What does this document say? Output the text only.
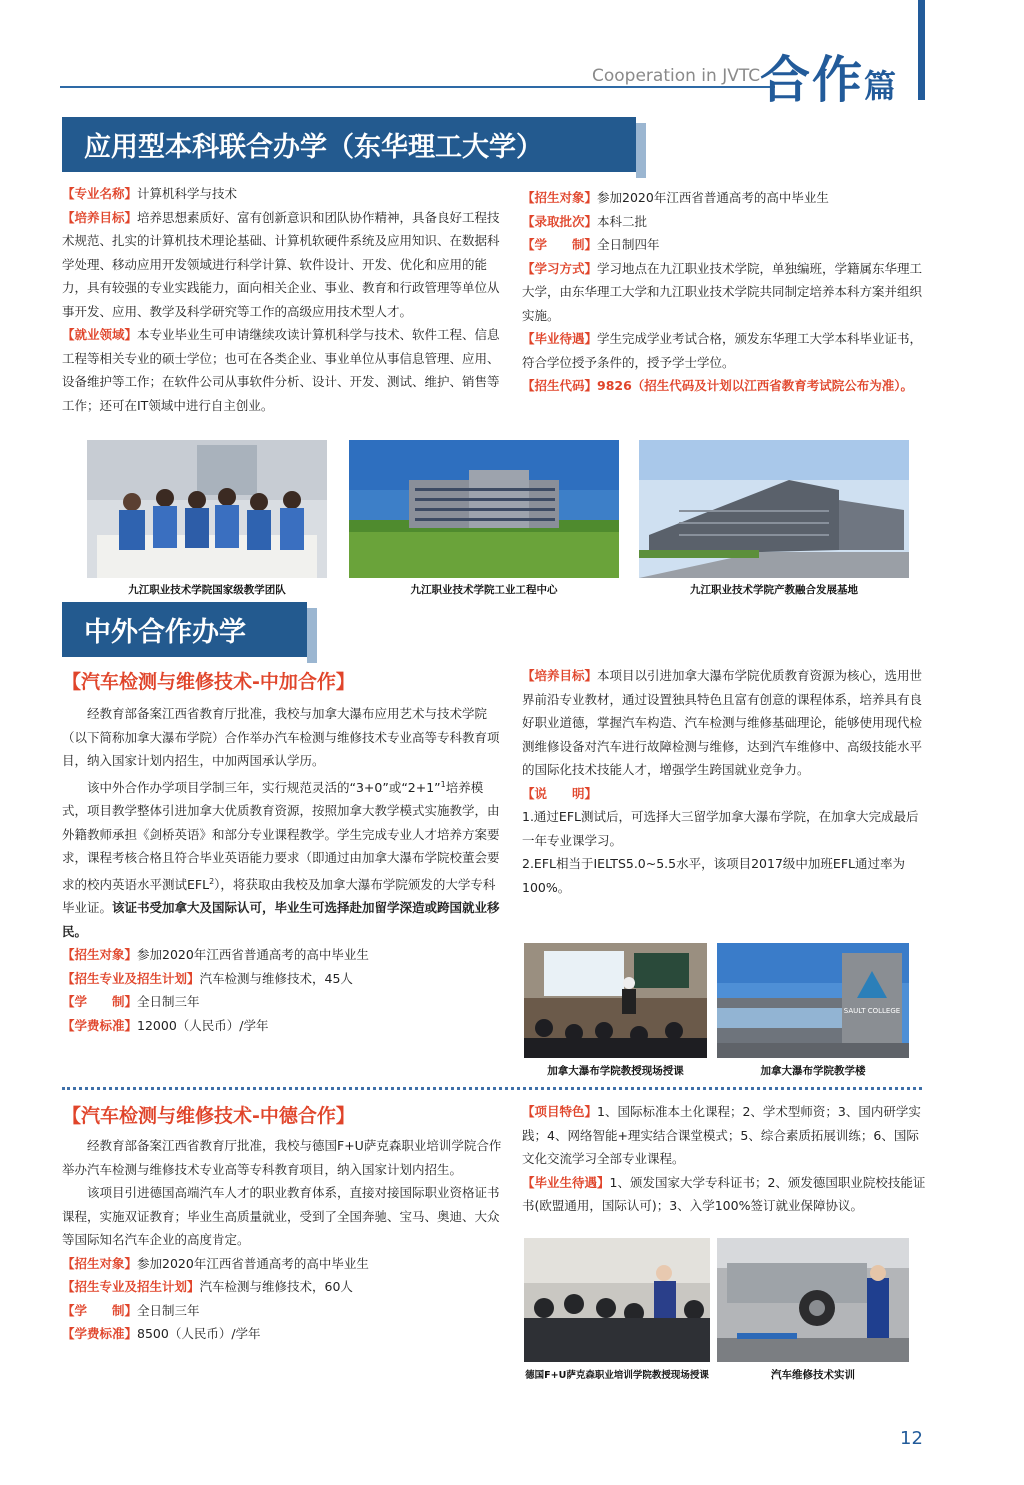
Cooperation in JVTC 合作篇
应用型本科联合办学（东华理工大学）

【专业名称】计算机科学与技术

【培养目标】培养思想素质好、富有创新意识和团队协作精神，具备良好工程技术规范、扎实的计算机技术理论基础、计算机软硬件系统及应用知识、在数据科学处理、移动应用开发领域进行科学计算、软件设计、开发、优化和应用的能力，具有较强的专业实践能力，面向相关企业、事业、教育和行政管理等单位从事开发、应用、教学及科学研究等工作的高级应用技术型人才。

【就业领域】本专业毕业生可申请继续攻读计算机科学与技术、软件工程、信息工程等相关专业的硕士学位；也可在各类企业、事业单位从事信息管理、应用、设备维护等工作；在软件公司从事软件分析、设计、开发、测试、维护、销售等工作；还可在IT领域中进行自主创业。

【招生对象】参加2020年江西省普通高考的高中毕业生

【录取批次】本科二批

【学　　制】全日制四年

【学习方式】学习地点在九江职业技术学院，单独编班，学籍属东华理工大学，由东华理工大学和九江职业技术学院共同制定培养本科方案并组织实施。

【毕业待遇】学生完成学业考试合格，颁发东华理工大学本科毕业证书，符合学位授予条件的，授予学士学位。

【招生代码】9826（招生代码及计划以江西省教育考试院公布为准）。

九江职业技术学院国家级教学团队	九江职业技术学院工业工程中心	九江职业技术学院产教融合发展基地
中外合作办学
【汽车检测与维修技术-中加合作】

经教育部备案江西省教育厅批准，我校与加拿大瀑布应用艺术与技术学院（以下简称加拿大瀑布学院）合作举办汽车检测与维修技术专业高等专科教育项目，纳入国家计划内招生，中加两国承认学历。

该中外合作办学项目学制三年，实行规范灵活的“3+0”或“2+1”$^1$培养模式，项目教学整体引进加拿大优质教育资源，按照加拿大教学模式实施教学，由外籍教师承担《剑桥英语》和部分专业课程教学。学生完成专业人才培养方案要求，课程考核合格且符合毕业英语能力要求（即通过由加拿大瀑布学院校董会要求的校内英语水平测试EFL$^2$），将获取由我校及加拿大瀑布学院颁发的大学专科毕业证。该证书受加拿大及国际认可，毕业生可选择赴加留学深造或跨国就业移民。

【招生对象】参加2020年江西省普通高考的高中毕业生

【招生专业及招生计划】汽车检测与维修技术，45人

【学　　制】全日制三年

【学费标准】12000（人民币）/学年

【培养目标】本项目以引进加拿大瀑布学院优质教育资源为核心，选用世界前沿专业教材，通过设置独具特色且富有创意的课程体系，培养具有良好职业道德，掌握汽车构造、汽车检测与维修基础理论，能够使用现代检测维修设备对汽车进行故障检测与维修，达到汽车维修中、高级技能水平的国际化技术技能人才，增强学生跨国就业竞争力。

【说　　明】

1.通过EFL测试后，可选择大三留学加拿大瀑布学院，在加拿大完成最后一年专业课学习。

2.EFL相当于IELTS5.0~5.5水平，该项目2017级中加班EFL通过率为100%。

SAULT COLLEGE
加拿大瀑布学院教授现场授课	加拿大瀑布学院教学楼
【汽车检测与维修技术-中德合作】

经教育部备案江西省教育厅批准，我校与德国F+U萨克森职业培训学院合作举办汽车检测与维修技术专业高等专科教育项目，纳入国家计划内招生。

该项目引进德国高端汽车人才的职业教育体系，直接对接国际职业资格证书课程，实施双证教育；毕业生高质量就业，受到了全国奔驰、宝马、奥迪、大众等国际知名汽车企业的高度肯定。

【招生对象】参加2020年江西省普通高考的高中毕业生

【招生专业及招生计划】汽车检测与维修技术，60人

【学　　制】全日制三年

【学费标准】8500（人民币）/学年

【项目特色】1、国际标准本土化课程；2、学术型师资；3、国内研学实践；4、网络智能+理实结合课堂模式；5、综合素质拓展训练；6、国际文化交流学习全部专业课程。

【毕业生待遇】1、颁发国家大学专科证书；2、颁发德国职业院校技能证书(欧盟通用，国际认可)；3、入学100%签订就业保障协议。

德国F+U萨克森职业培训学院教授现场授课	汽车维修技术实训
12
